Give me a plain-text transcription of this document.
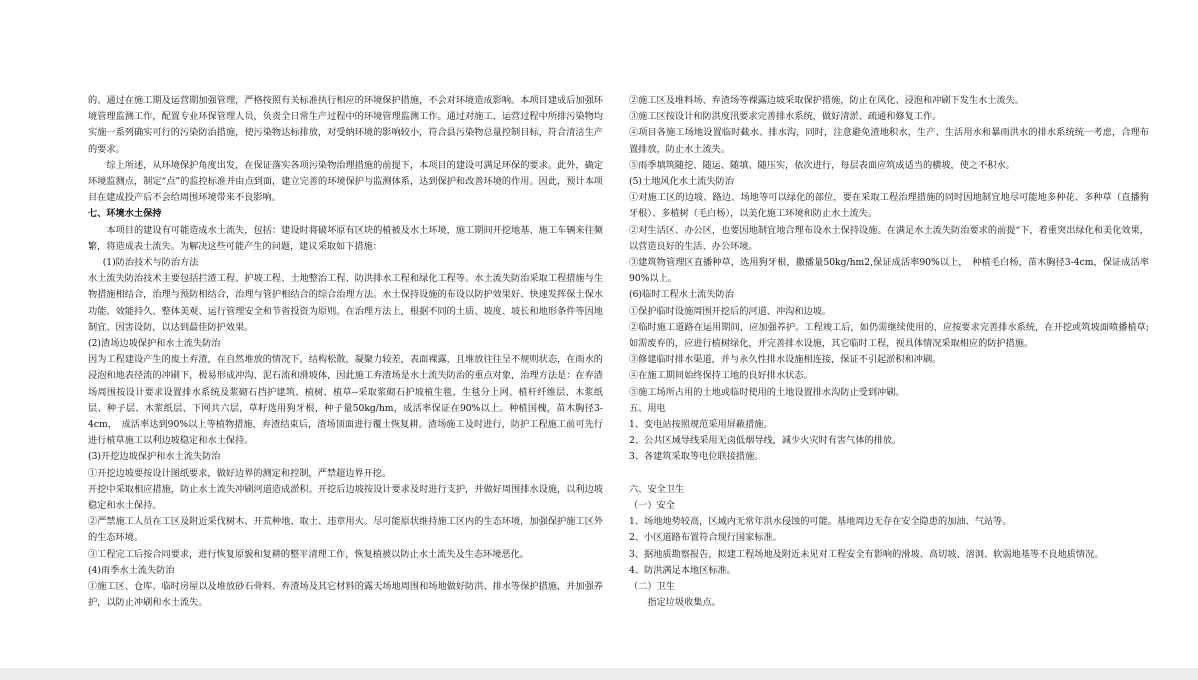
的。通过在施工期及运营期加强管理，严格按照有关标准执行相应的环境保护措施，不会对环境造成影响。本项目建成后加强环境管理监测工作，配置专业环保管理人员，负责全日常生产过程中的环境管理监测工作。通过对施工、运营过程中所排污染物均实施一系列确实可行的污染防治措施，使污染物达标排放，对受纳环境的影响较小，符合县污染物总量控制目标，符合清洁生产的要求。

综上所述，从环境保护角度出发，在保证落实各项污染物治理措施的前提下，本项目的建设可满足环保的要求。此外，确定环境监测点，制定“点”的监控标准并由点到面，建立完善的环境保护与监测体系，达到保护和改善环境的作用。因此，预计本项目在建成投产后不会给周围环境带来不良影响。

七、环境水土保持

本项目的建设有可能造成水土流失，包括：建设时将破坏原有区块的植被及水土环境，施工期间开挖地基、施工车辆来往频繁，将造成表土流失。为解决这些可能产生的问题，建议采取如下措施：

(1)防治技术与防治方法

水土流失防治技术主要包括拦渣工程、护坡工程、土地整治工程、防洪排水工程和绿化工程等。水土流失防治采取工程措施与生物措施相结合，治理与预防相结合，治理与管护相结合的综合治理方法。水土保持设施的布设以防护效果好、快速发挥保土保水功能、效能持久、整体美观、运行管理安全和节省投资为原则。在治理方法上，根据不同的土质、坡度、坡长和地形条件等因地制宜、因害设防，以达到最佳防护效果。

(2)渣场边坡保护和水土流失防治

因为工程建设产生的废土弃渣，在自然堆放的情况下，结构松散，凝聚力较差，表面裸露，且堆放往往呈不规则状态，在雨水的浸泡和地表径流的冲刷下，极易形成冲沟、泥石流和滑坡体，因此施工弃渣场是水土流失防治的重点对象，治理方法是：在弃渣场周围按设计要求设置排水系统及浆砌石挡护建筑、植树、植草--采取浆砌石护坡植生毯，生毯分上网、植杆纤维层、木浆纸层、种子层、木浆纸层、下网共六层，草籽选用狗牙根，种子量50kg/hm，成活率保证在90%以上。种植国槐，苗木胸径3-4cm，　成活率达到90%以上等植物措施，弃渣结束后，渣场顶面进行覆土恢复耕。渣场施工及时进行，防护工程施工前可先行进行植草施工以利边坡稳定和水土保持。

(3)开挖边坡保护和水土流失防治

①开挖边坡要按设计图纸要求，做好边界的测定和控制，严禁超边界开挖。

开挖中采取相应措施，防止水土流失冲刷河道造成淤积。开挖后边坡按设计要求及时进行支护，并做好周围排水设施，以利边坡稳定和水土保持。

②严禁施工人员在工区及附近采伐树木、开荒种地、取土、违章用火。尽可能原状维持施工区内的生态环境，加强保护施工区外的生态环境。

③工程完工后按合同要求，进行恢复原貌和复耕的整平清理工作，恢复植被以防止水土流失及生态环境恶化。

(4)雨季水土流失防治

①施工区、仓库、临时房屋以及堆放砂石骨料、弃渣场及其它材料的露天场地周围和场地做好防洪、排水等保护措施，并加强养护，以防止冲刷和水土流失。

②施工区及堆料场、弃渣场等裸露边坡采取保护措施，防止在风化、浸泡和冲刷下发生水土流失。

③施工区按设计和防洪度汛要求完善排水系统，做好清淤、疏通和修复工作。

④项目各施工场地设置临时截水、排水沟，同时，注意避免渣地积水，生产、生活用水和暴雨洪水的排水系统统一考虑，合理布置排放，防止水土流失。

⑤雨季填筑随挖、随运、随填、随压实，依次进行，每层表面应筑成适当的横坡，使之不积水。

(5)土地风化水土流失防治

①对施工区的边坡、路边、场地等可以绿化的部位，要在采取工程治理措施的同时因地制宜地尽可能地多种花、多种草（直播狗牙根）、多植树（毛白杨），以美化施工环境和防止水土流失。

②对生活区、办公区，也要因地制宜地合理布设水土保持设施。在满足水土流失防治要求的前提“下，着重突出绿化和美化效果，以营造良好的生活、办公环境。

③建筑物管理区直播种草，选用狗牙根，撒播量50kg/hm2,保证成活率90%以上，　种植毛白杨，苗木胸径3-4cm，保证成活率90%以上。

(6)临时工程水土流失防治

①保护临时设施周围开挖后的河道、冲沟和边坡。

②临时施工道路在运用期间，应加强养护。工程竣工后，如仍需继续使用的，应按要求完善排水系统，在开挖或筑坡面喷播植草;如需废弃的，应进行植树绿化，并完善排水设施，其它临时工程，视具体情况采取相应的防护措施。

③修建临时排水渠道，并与永久性排水设施相连接，保证不引起淤积和冲刷。

④在施工期间始终保持工地的良好排水状态。

⑤施工场所占用的土地或临时使用的土地设置排水沟防止受到冲刷。

五、用电

1、变电站按照规范采用屏蔽措施。

2、公共区域导线采用无卤低烟导线，减少火灾时有害气体的排放。

3、各建筑采取等电位联接措施。

六、安全卫生

（一）安全

1、场地地势较高，区域内无常年洪水侵蚀的可能。基地周边无存在安全隐患的加油、气站等。

2、小区道路布置符合现行国家标准。

3、据地质勘察报告，拟建工程场地及附近未见对工程安全有影响的滑坡、高切坡、溶洞、软弱地基等不良地质情况。

4、防洪满足本地区标准。

（二）卫生

指定垃圾收集点。
